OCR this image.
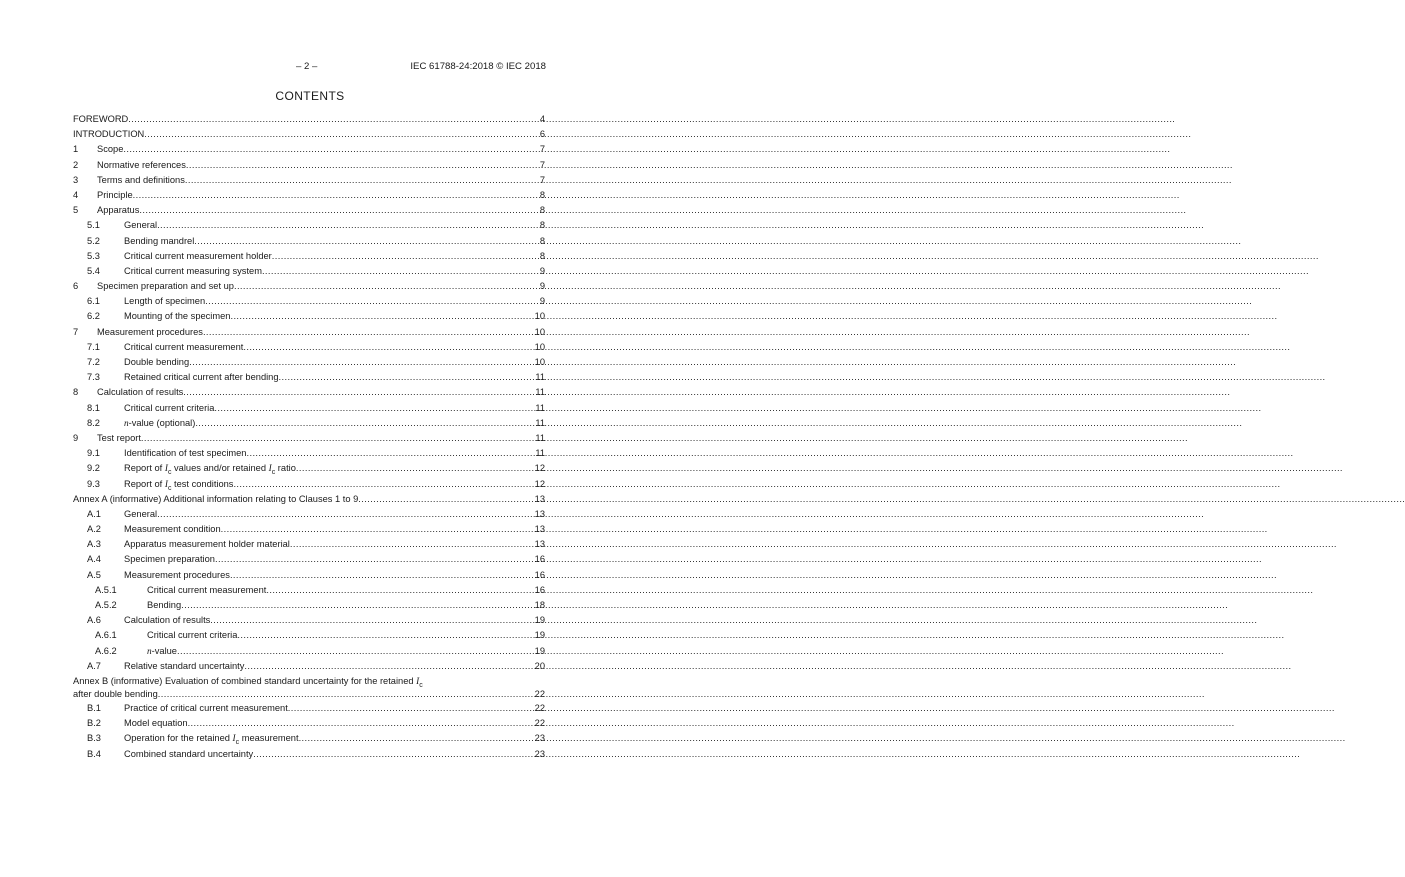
– 2 –	IEC 61788-24:2018 © IEC 2018
CONTENTS
FOREWORD .....	4
INTRODUCTION .....	6
1	Scope .....	7
2	Normative references .....	7
3	Terms and definitions .....	7
4	Principle .....	8
5	Apparatus .....	8
5.1	General .....	8
5.2	Bending mandrel .....	8
5.3	Critical current measurement holder .....	8
5.4	Critical current measuring system .....	9
6	Specimen preparation and set up .....	9
6.1	Length of specimen .....	9
6.2	Mounting of the specimen .....	10
7	Measurement procedures .....	10
7.1	Critical current measurement .....	10
7.2	Double bending .....	10
7.3	Retained critical current after bending .....	11
8	Calculation of results .....	11
8.1	Critical current criteria .....	11
8.2	n-value (optional) .....	11
9	Test report .....	11
9.1	Identification of test specimen .....	11
9.2	Report of $I_c$ values and/or retained $I_c$ ratio .....	12
9.3	Report of $I_c$ test conditions .....	12
Annex A (informative) Additional information relating to Clauses 1 to 9 .....	13
A.1	General .....	13
A.2	Measurement condition .....	13
A.3	Apparatus measurement holder material .....	13
A.4	Specimen preparation .....	16
A.5	Measurement procedures .....	16
A.5.1	Critical current measurement .....	16
A.5.2	Bending .....	18
A.6	Calculation of results .....	19
A.6.1	Critical current criteria .....	19
A.6.2	n-value .....	19
A.7	Relative standard uncertainty .....	20
Annex B (informative) Evaluation of combined standard uncertainty for the retained $I_c$
after double bending .....	22
B.1	Practice of critical current measurement .....	22
B.2	Model equation .....	22
B.3	Operation for the retained $I_c$ measurement .....	23
B.4	Combined standard uncertainty .....	23
